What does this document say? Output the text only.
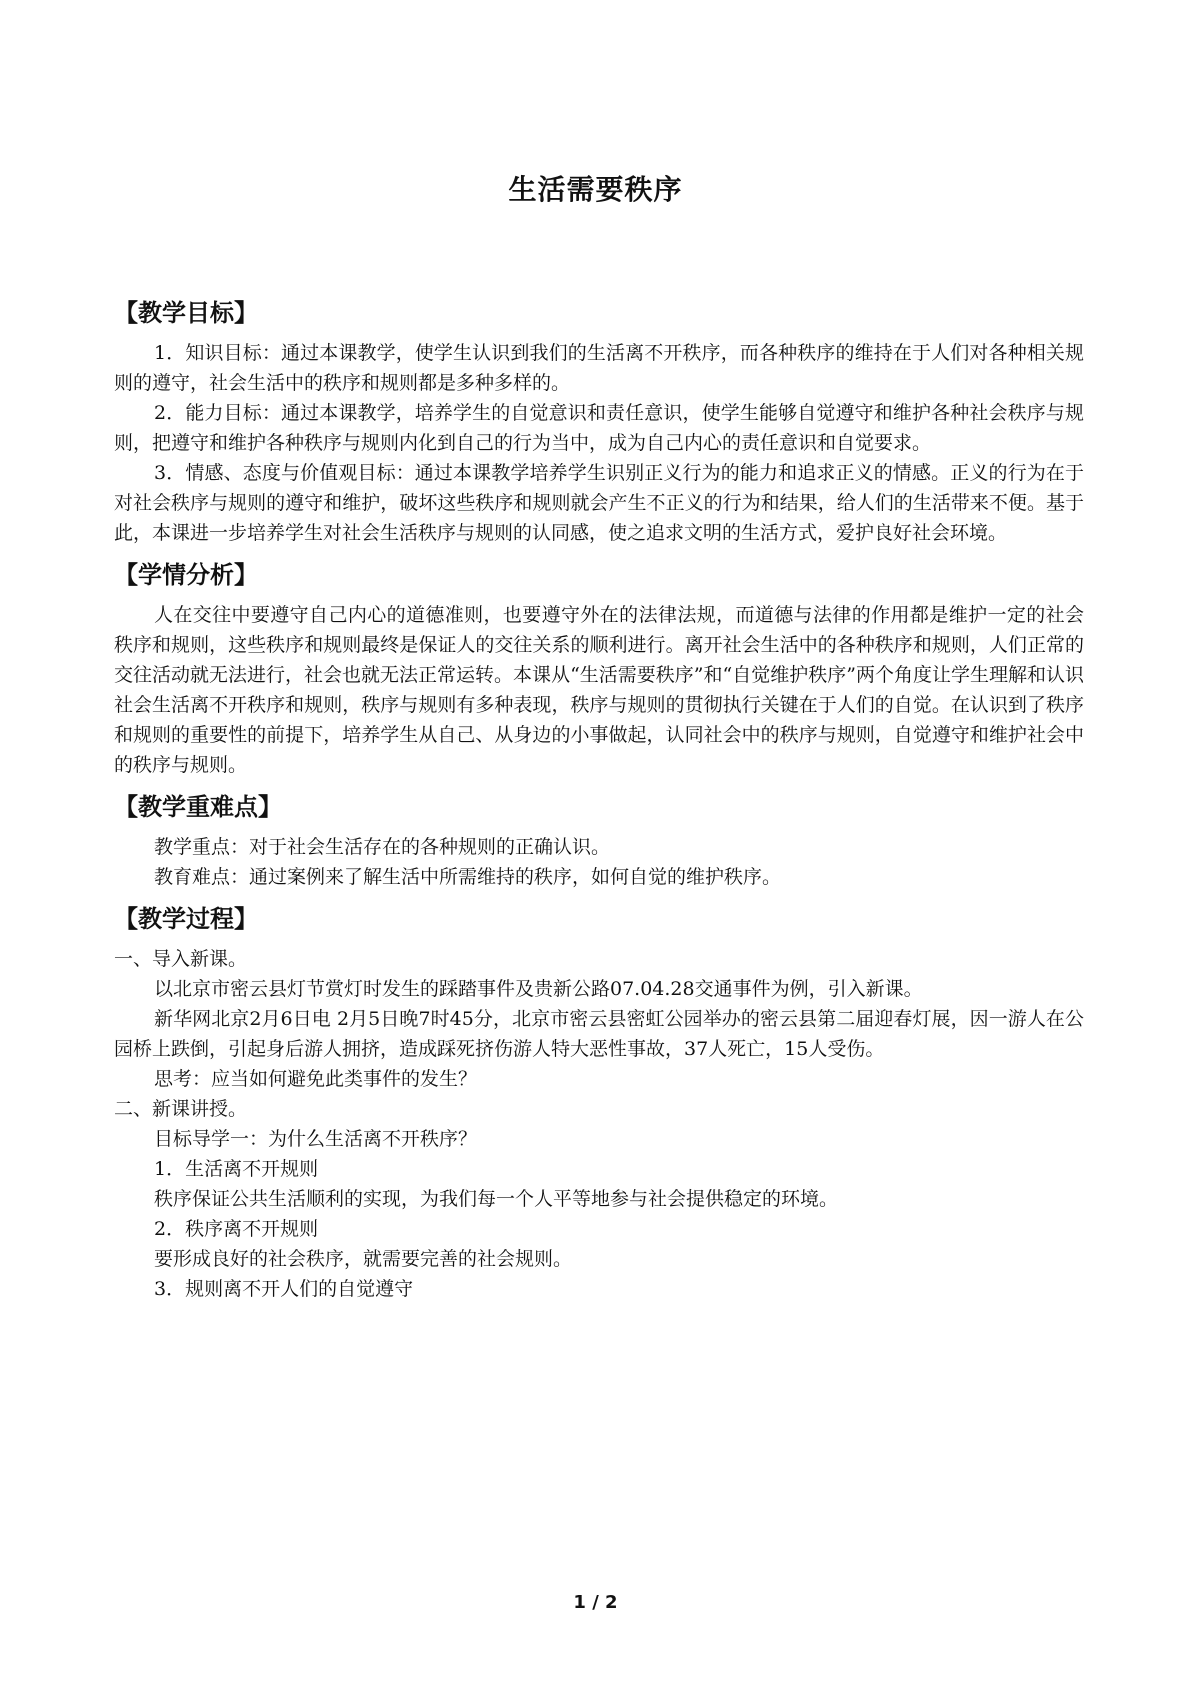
生活需要秩序
【教学目标】

1．知识目标：通过本课教学，使学生认识到我们的生活离不开秩序，而各种秩序的维持在于人们对各种相关规则的遵守，社会生活中的秩序和规则都是多种多样的。

2．能力目标：通过本课教学，培养学生的自觉意识和责任意识，使学生能够自觉遵守和维护各种社会秩序与规则，把遵守和维护各种秩序与规则内化到自己的行为当中，成为自己内心的责任意识和自觉要求。

3．情感、态度与价值观目标：通过本课教学培养学生识别正义行为的能力和追求正义的情感。正义的行为在于对社会秩序与规则的遵守和维护，破坏这些秩序和规则就会产生不正义的行为和结果，给人们的生活带来不便。基于此，本课进一步培养学生对社会生活秩序与规则的认同感，使之追求文明的生活方式，爱护良好社会环境。

【学情分析】

人在交往中要遵守自己内心的道德准则，也要遵守外在的法律法规，而道德与法律的作用都是维护一定的社会秩序和规则，这些秩序和规则最终是保证人的交往关系的顺利进行。离开社会生活中的各种秩序和规则，人们正常的交往活动就无法进行，社会也就无法正常运转。本课从“生活需要秩序”和“自觉维护秩序”两个角度让学生理解和认识社会生活离不开秩序和规则，秩序与规则有多种表现，秩序与规则的贯彻执行关键在于人们的自觉。在认识到了秩序和规则的重要性的前提下，培养学生从自己、从身边的小事做起，认同社会中的秩序与规则，自觉遵守和维护社会中的秩序与规则。

【教学重难点】

教学重点：对于社会生活存在的各种规则的正确认识。

教育难点：通过案例来了解生活中所需维持的秩序，如何自觉的维护秩序。

【教学过程】

一、导入新课。

以北京市密云县灯节赏灯时发生的踩踏事件及贵新公路07.04.28交通事件为例，引入新课。

新华网北京2月6日电 2月5日晚7时45分，北京市密云县密虹公园举办的密云县第二届迎春灯展，因一游人在公园桥上跌倒，引起身后游人拥挤，造成踩死挤伤游人特大恶性事故，37人死亡，15人受伤。

思考：应当如何避免此类事件的发生？

二、新课讲授。

目标导学一：为什么生活离不开秩序？

1．生活离不开规则

秩序保证公共生活顺利的实现，为我们每一个人平等地参与社会提供稳定的环境。

2．秩序离不开规则

要形成良好的社会秩序，就需要完善的社会规则。

3．规则离不开人们的自觉遵守

1 / 2
